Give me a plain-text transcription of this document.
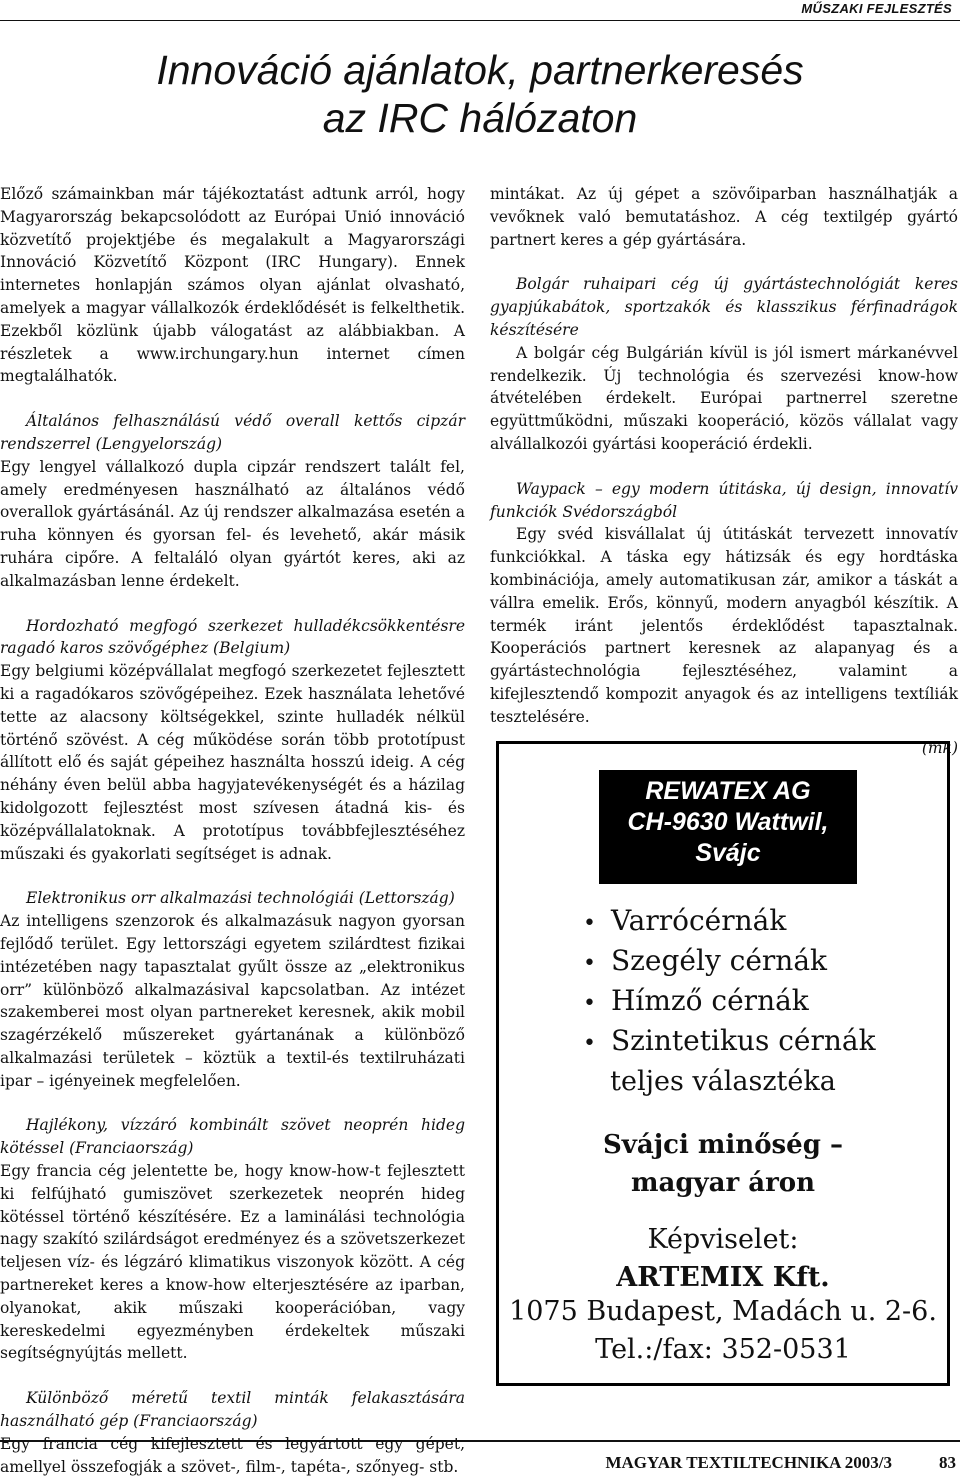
MŰSZAKI FEJLESZTÉS
Innováció ajánlatok, partnerkeresés
az IRC hálózaton

Előző számainkban már tájékoztatást adtunk arról, hogy Magyarország bekapcsolódott az Európai Unió innováció közvetítő projektjébe és megalakult a Magyarországi Innováció Közvetítő Központ (IRC Hungary). Ennek internetes honlapján számos olyan ajánlat olvasható, amelyek a magyar vállalkozók érdeklődését is felkelthetik. Ezekből közlünk újabb válogatást az alábbiakban. A részletek a www.irchungary.hun internet címen megtalálhatók.

Általános felhasználású védő overall kettős cipzár rendszerrel (Lengyelország)

Egy lengyel vállalkozó dupla cipzár rendszert talált fel, amely eredményesen használható az általános védő overallok gyártásánál. Az új rendszer alkalmazása esetén a ruha könnyen és gyorsan fel- és levehető, akár másik ruhára cipőre. A feltaláló olyan gyártót keres, aki az alkalmazásban lenne érdekelt.

Hordozható megfogó szerkezet hulladékcsökkentésre ragadó karos szövőgéphez (Belgium)

Egy belgiumi középvállalat megfogó szerkezetet fejlesztett ki a ragadókaros szövőgépeihez. Ezek használata lehetővé tette az alacsony költségekkel, szinte hulladék nélkül történő szövést. A cég működése során több prototípust állított elő és saját gépeihez használta hosszú ideig. A cég néhány éven belül abba hagyjatevékenységét és a házilag kidolgozott fejlesztést most szívesen átadná kis- és középvállalatoknak. A prototípus továbbfejlesztéséhez műszaki és gyakorlati segítséget is adnak.

Elektronikus orr alkalmazási technológiái (Lettország)

Az intelligens szenzorok és alkalmazásuk nagyon gyorsan fejlődő terület. Egy lettországi egyetem szilárdtest fizikai intézetében nagy tapasztalat gyűlt össze az „elektronikus orr” különböző alkalmazásival kapcsolatban. Az intézet szakemberei most olyan partnereket keresnek, akik mobil szagérzékelő műszereket gyártanának a különböző alkalmazási területek – köztük a textil-és textilruházati ipar – igényeinek megfelelően.

Hajlékony, vízzáró kombinált szövet neoprén hideg kötéssel (Franciaország)

Egy francia cég jelentette be, hogy know-how-t fejlesztett ki felfújható gumiszövet szerkezetek neoprén hideg kötéssel történő készítésére. Ez a laminálási technológia nagy szakító szilárdságot eredményez és a szövetszerkezet teljesen víz- és légzáró klimatikus viszonyok között. A cég partnereket keres a know-how elterjesztésére az iparban, olyanokat, akik műszaki kooperációban, vagy kereskedelmi egyezményben érdekeltek műszaki segítségnyújtás mellett.

Különböző méretű textil minták felakasztására használható gép (Franciaország)

Egy francia cég kifejlesztett és legyártott egy gépet, amellyel összefogják a szövet-, film-, tapéta-, szőnyeg- stb.

mintákat. Az új gépet a szövőiparban használhatják a vevőknek való bemutatáshoz. A cég textilgép gyártó partnert keres a gép gyártására.

Bolgár ruhaipari cég új gyártástechnológiát keres gyapjúkabátok, sportzakók és klasszikus férfinadrágok készítésére

A bolgár cég Bulgárián kívül is jól ismert márkanévvel rendelkezik. Új technológia és szervezési know-how átvételében érdekelt. Európai partnerrel szeretne együttműködni, műszaki kooperáció, közös vállalat vagy alvállalkozói gyártási kooperáció érdekli.

Waypack – egy modern útitáska, új design, innovatív funkciók Svédországból

Egy svéd kisvállalat új útitáskát tervezett innovatív funkciókkal. A táska egy hátizsák és egy hordtáska kombinációja, amely automatikusan zár, amikor a táskát a vállra emelik. Erős, könnyű, modern anyagból készítik. A termék iránt jelentős érdeklődést tapasztalnak. Kooperációs partnert keresnek az alapanyag és a gyártástechnológia fejlesztéséhez, valamint a kifejlesztendő kompozit anyagok és az intelligens textíliák tesztelésére.

(mk)

REWATEX AG
CH-9630 Wattwil,
Svájc
• Varrócérnák
• Szegély cérnák
• Hímző cérnák
• Szintetikus cérnák
teljes választéka
Svájci minőség –
magyar áron
Képviselet:
ARTEMIX Kft.
1075 Budapest, Madách u. 2-6.
Tel.:/fax: 352-0531
MAGYAR TEXTILTECHNIKA 2003/3	83
